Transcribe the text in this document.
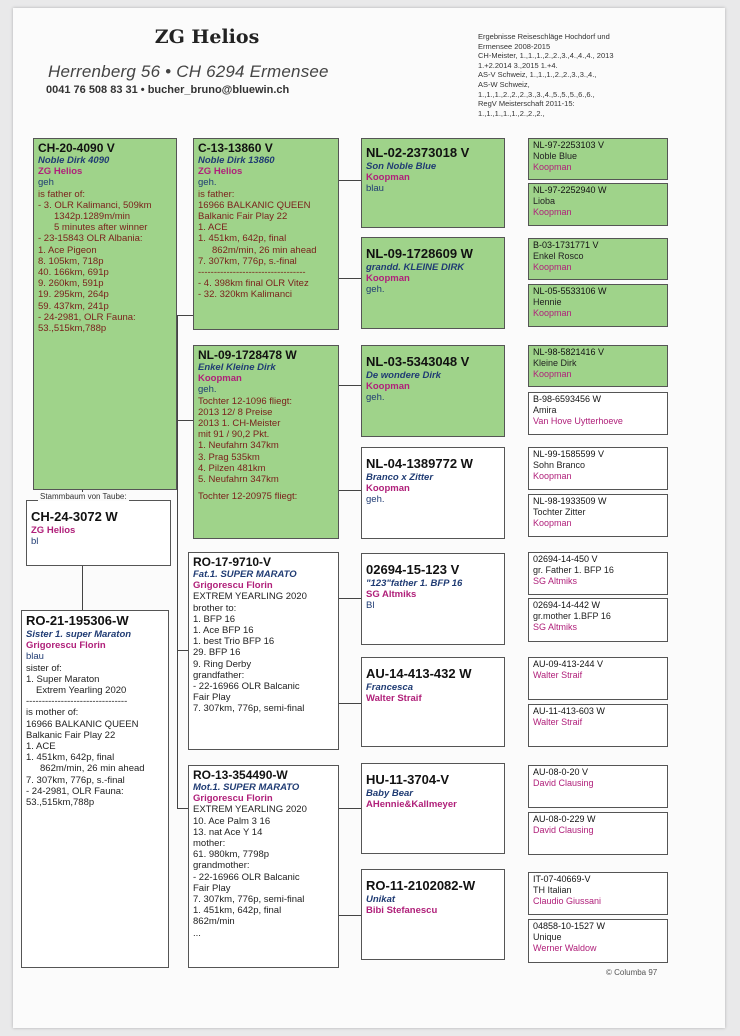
ZG Helios
Herrenberg 56 • CH 6294 Ermensee
0041 76 508 83 31 • bucher_bruno@bluewin.ch
Ergebnisse Reiseschläge Hochdorf und
Ermensee 2008-2015
CH-Meister, 1.,1.,1.,2.,2.,3.,4.,4.,4., 2013
1.+2.2014 3.,2015 1.+4.
AS-V Schweiz, 1.,1.,1.,2.,2.,3.,3.,4.,
AS-W Schweiz,
1.,1.,1.,2.,2.,2.,3.,3.,4.,5.,5.,5.,6.,6.,
RegV Meisterschaft 2011-15:
1.,1.,1.,1.,1.,2.,2.,2.,
CH-20-4090 V
Noble Dirk 4090
ZG Helios
geh
is father of:
- 3. OLR Kalimanci, 509km
1342p.1289m/min
5 minutes after winner
- 23-15843 OLR Albania:
1. Ace Pigeon
8. 105km, 718p
40. 166km, 691p
9. 260km, 591p
19. 295km, 264p
59. 437km, 241p
- 24-2981, OLR Fauna:
53.,515km,788p
CH-24-3072 W
ZG Helios
bl
Stammbaum von Taube:
RO-21-195306-W
Sister 1. super Maraton
Grigorescu Florin
blau
sister of:
1. Super Maraton
Extrem Yearling 2020
--------------------------------
is mother of:
16966 BALKANIC QUEEN
Balkanic Fair Play 22
1. ACE
1. 451km, 642p, final
862m/min, 26 min ahead
7. 307km, 776p, s.-final
- 24-2981, OLR Fauna:
53.,515km,788p
C-13-13860 V
Noble Dirk 13860
ZG Helios
geh.
is father:
16966 BALKANIC QUEEN
Balkanic Fair Play 22
1. ACE
1. 451km, 642p, final
862m/min, 26 min ahead
7. 307km, 776p, s.-final
----------------------------------
- 4. 398km final OLR Vitez
- 32. 320km Kalimanci
NL-09-1728478 W
Enkel Kleine Dirk
Koopman
geh.
Tochter 12-1096 fliegt:
2013 12/ 8 Preise
2013 1. CH-Meister
mit 91 / 90,2 Pkt.
1. Neufahrn 347km
3. Prag 535km
4. Pilzen 481km
5. Neufahrn 347km
Tochter 12-20975 fliegt:
RO-17-9710-V
Fat.1. SUPER MARATO
Grigorescu Florin
EXTREM YEARLING 2020
brother to:
1. BFP 16
1. Ace BFP 16
1. best Trio BFP 16
29. BFP 16
9. Ring Derby
grandfather:
- 22-16966 OLR Balcanic
Fair Play
7. 307km, 776p, semi-final
RO-13-354490-W
Mot.1. SUPER MARATO
Grigorescu Florin
EXTREM YEARLING 2020
10. Ace Palm 3 16
13. nat Ace Y 14
mother:
61. 980km, 7798p
grandmother:
- 22-16966 OLR Balcanic
Fair Play
7. 307km, 776p, semi-final
1. 451km, 642p, final
862m/min
...
NL-02-2373018 V
Son Noble Blue
Koopman
blau
NL-09-1728609 W
grandd. KLEINE DIRK
Koopman
geh.
NL-03-5343048 V
De wondere Dirk
Koopman
geh.
NL-04-1389772 W
Branco x Zitter
Koopman
geh.
02694-15-123 V
"123"father 1. BFP 16
SG Altmiks
Bl
AU-14-413-432 W
Francesca
Walter Straif
HU-11-3704-V
Baby Bear
AHennie&Kallmeyer
RO-11-2102082-W
Unikat
Bibi Stefanescu
NL-97-2253103 V
Noble Blue
Koopman
NL-97-2252940 W
Lioba
Koopman
B-03-1731771 V
Enkel Rosco
Koopman
NL-05-5533106 W
Hennie
Koopman
NL-98-5821416 V
Kleine Dirk
Koopman
B-98-6593456 W
Amira
Van Hove Uytterhoeve
NL-99-1585599 V
Sohn Branco
Koopman
NL-98-1933509 W
Tochter Zitter
Koopman
02694-14-450 V
gr. Father 1. BFP 16
SG Altmiks
02694-14-442 W
gr.mother 1.BFP 16
SG Altmiks
AU-09-413-244 V
Walter Straif
AU-11-413-603 W
Walter Straif
AU-08-0-20 V
David Clausing
AU-08-0-229 W
David Clausing
IT-07-40669-V
TH Italian
Claudio Giussani
04858-10-1527 W
Unique
Werner Waldow
© Columba 97
